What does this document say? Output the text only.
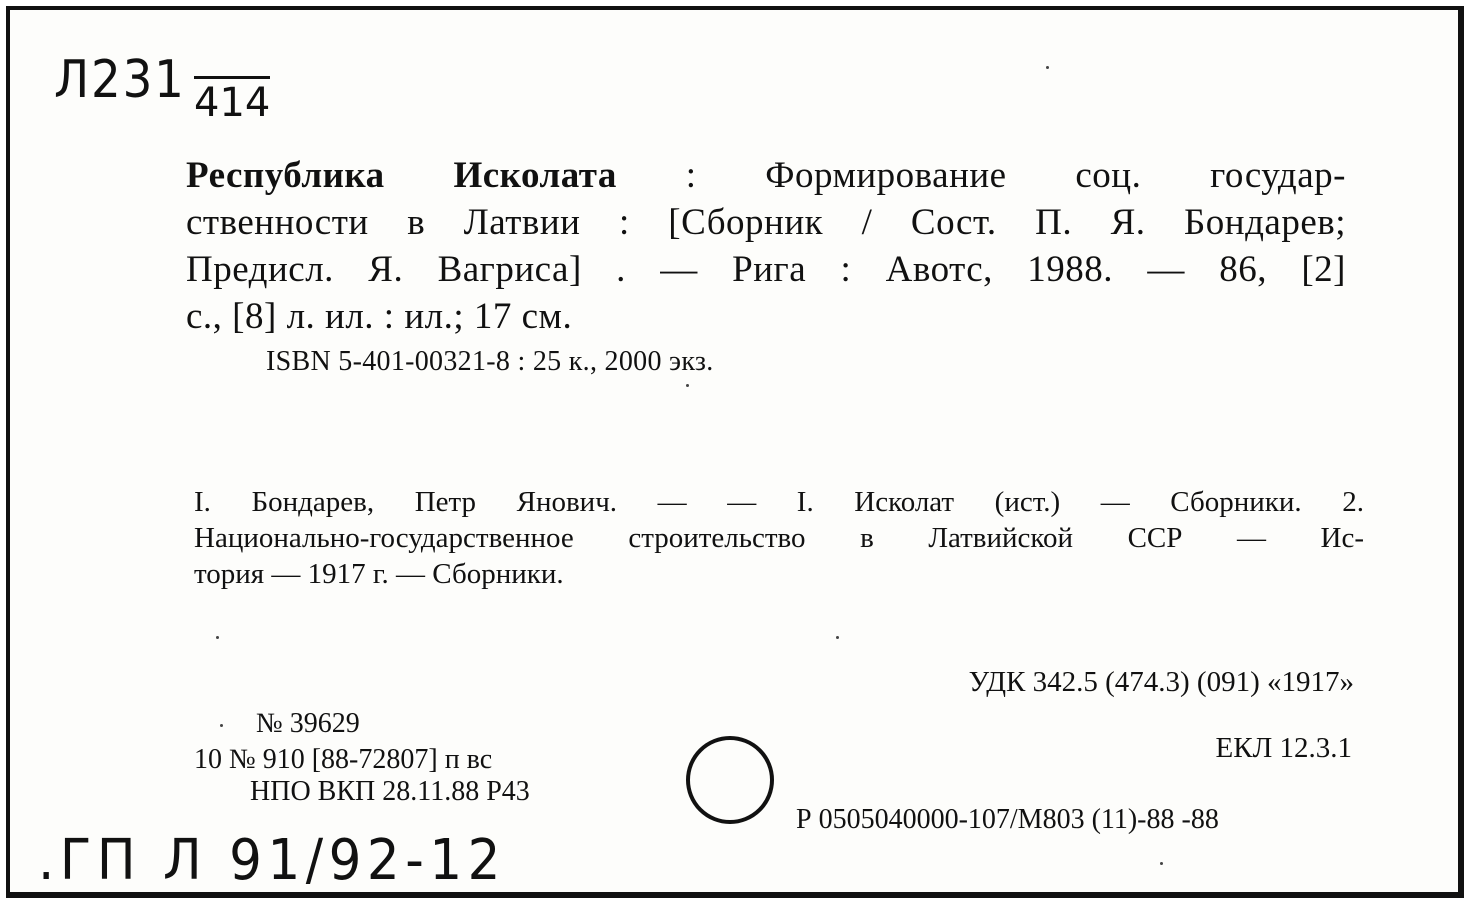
Л231 414
Республика Исколата : Формирование соц. государ-
ственности в Латвии : [Сборник / Сост. П. Я. Бондарев;
Предисл. Я. Вагриса] . — Рига : Авотс, 1988. — 86, [2]
с., [8] л. ил. : ил.; 17 см.
ISBN 5-401-00321-8 : 25 к., 2000 экз.
I. Бондарев, Петр Янович. — — I. Исколат (ист.) — Сборники. 2.
Национально-государственное строительство в Латвийской ССР — Ис-
тория — 1917 г. — Сборники.
УДК 342.5 (474.3) (091) «1917»
ЕКЛ 12.3.1
№ 39629
10 № 910 [88-72807] п вс
НПО ВКП 28.11.88 Р43
Р 0505040000-107/М803 (11)-88 -88
.ГП Л 91/92-12
